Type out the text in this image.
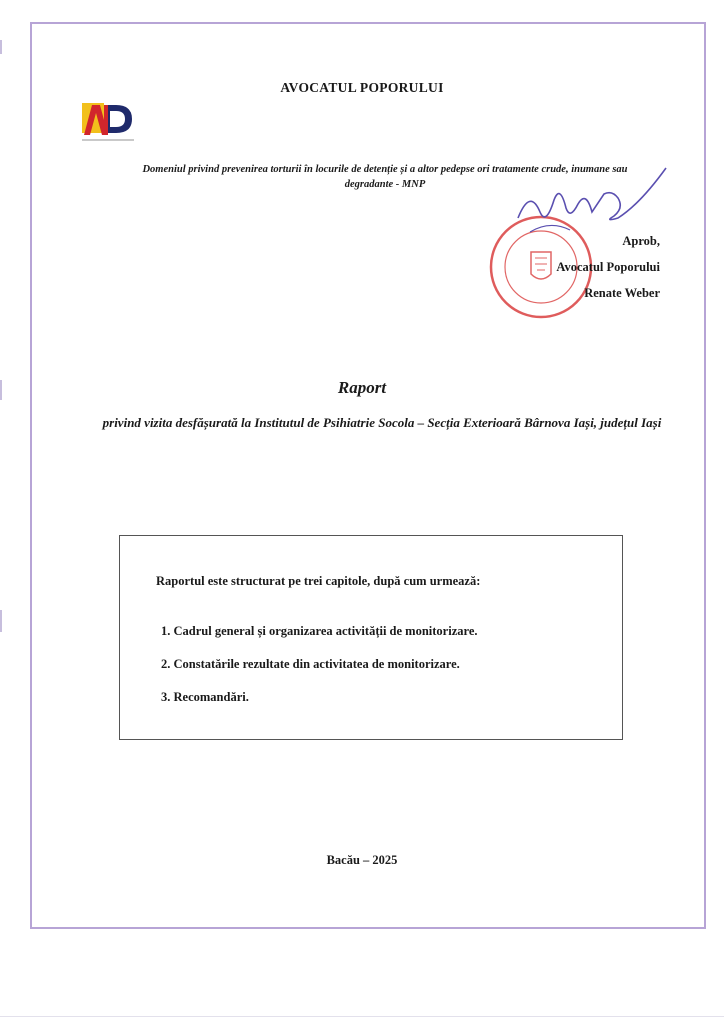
AVOCATUL POPORULUI
Domeniul privind prevenirea torturii în locurile de detenție și a altor pedepse ori tratamente crude, inumane sau degradante - MNP
Aprob,
Avocatul Poporului
Renate Weber
Raport
privind vizita desfășurată la Institutul de Psihiatrie Socola – Secția Exterioară Bârnova Iași, județul Iași
Raportul este structurat pe trei capitole, după cum urmează:
1. Cadrul general și organizarea activității de monitorizare.
2. Constatările rezultate din activitatea de monitorizare.
3. Recomandări.
Bacău – 2025
